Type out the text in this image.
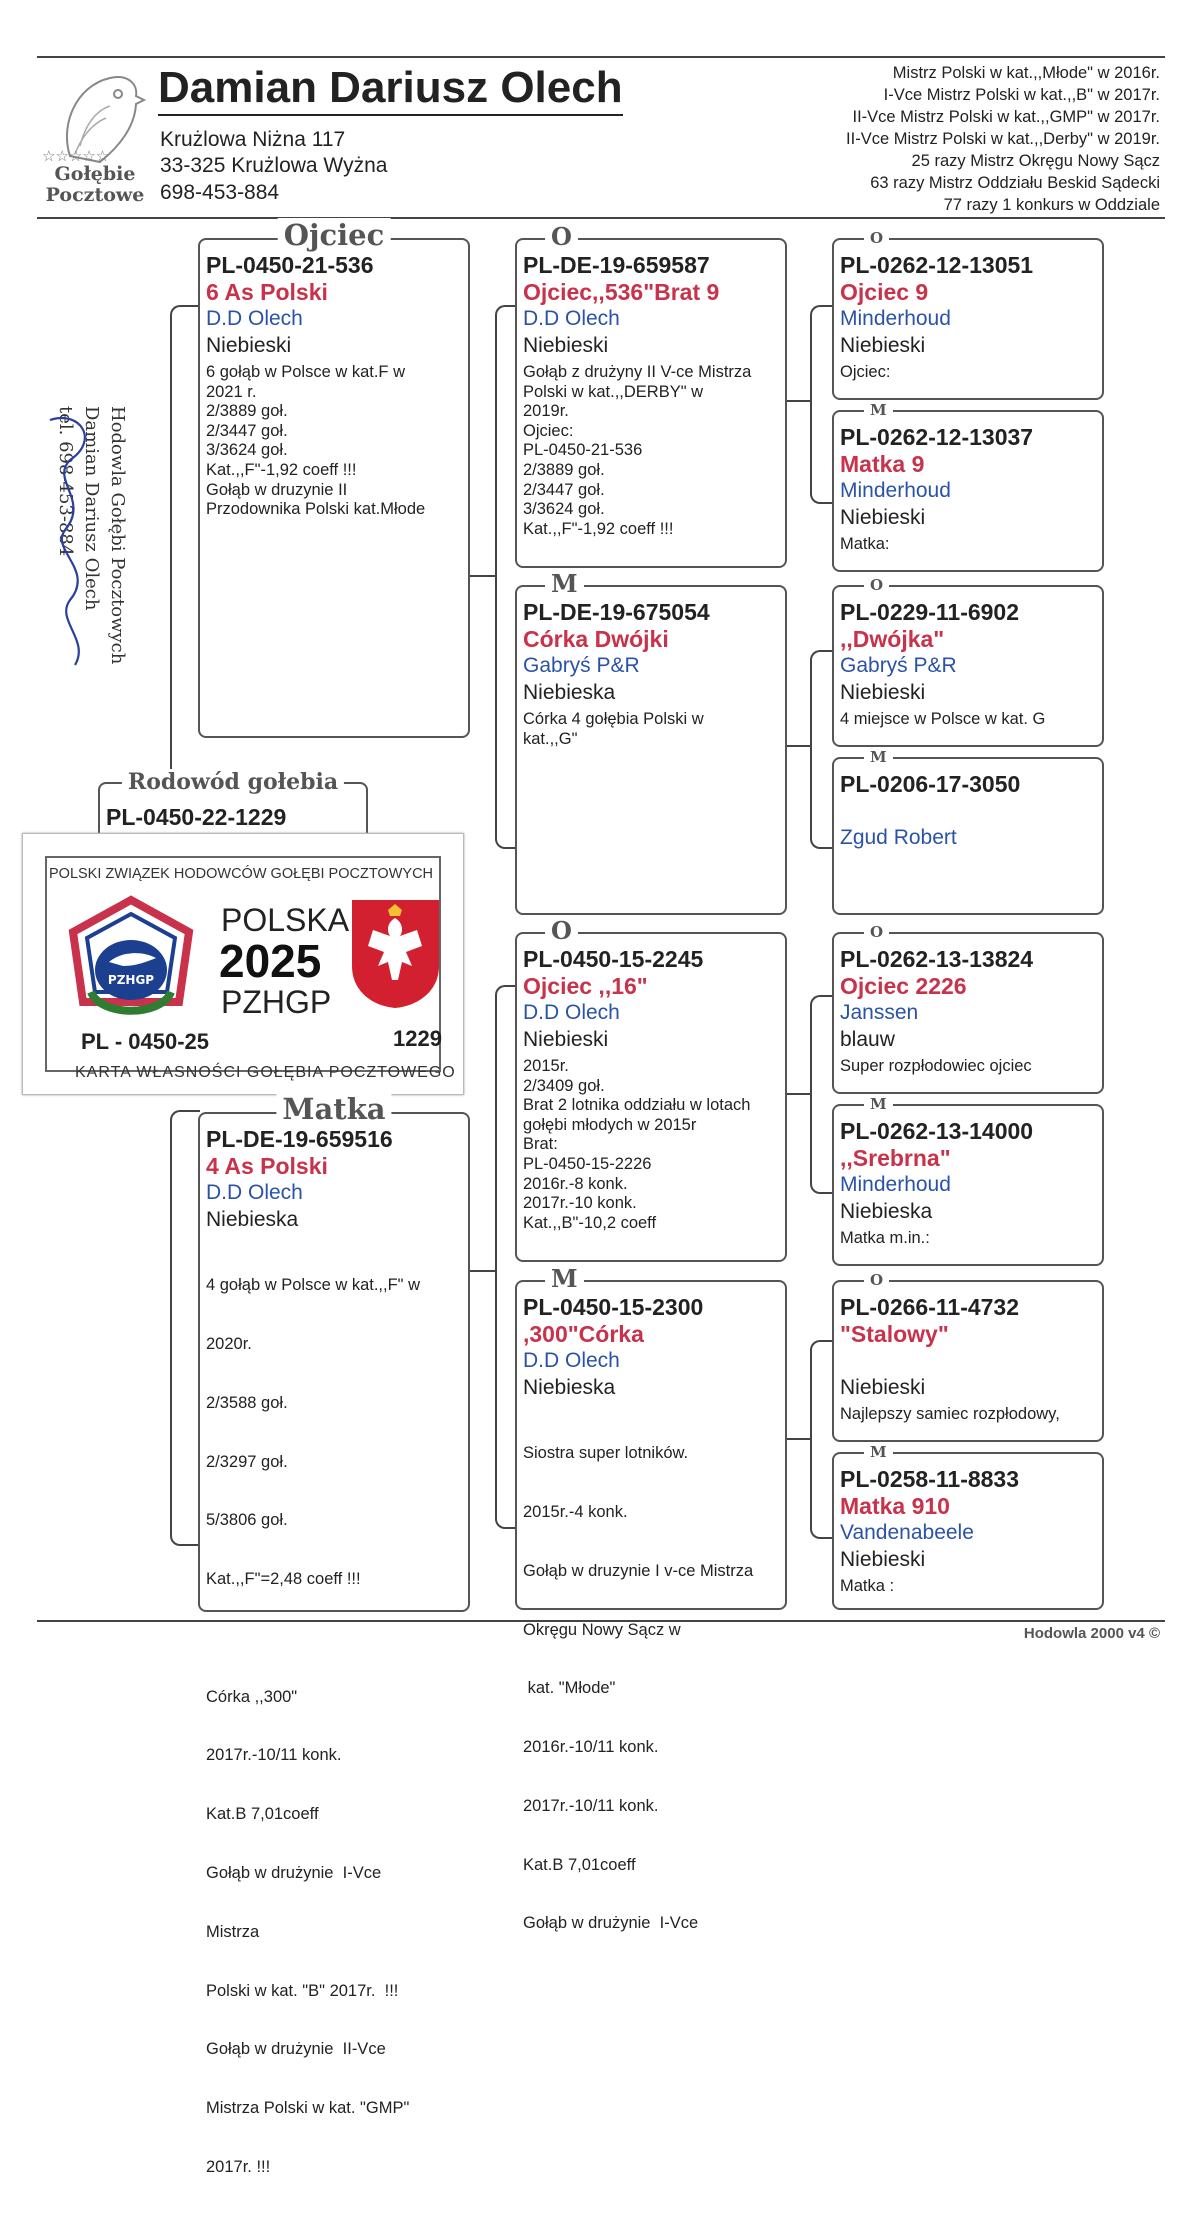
☆☆☆☆☆
Gołębie
Pocztowe
Damian Dariusz Olech
Krużlowa Niżna 117
33-325 Krużlowa Wyżna
698-453-884
Mistrz Polski w kat.,,Młode" w 2016r.
I-Vce Mistrz Polski w kat.,,B" w 2017r.
II-Vce Mistrz Polski w kat.,,GMP" w 2017r.
II-Vce Mistrz Polski w kat.,,Derby" w 2019r.
25 razy Mistrz Okręgu Nowy Sącz
63 razy Mistrz Oddziału Beskid Sądecki
77 razy 1 konkurs w Oddziale
Hodowla Gołębi Pocztowych
Damian Dariusz Olech
tel. 698-453-884
Rodowód gołebia
PL-0450-22-1229
POLSKI ZWIĄZEK HODOWCÓW GOŁĘBI POCZTOWYCH
PZHGP
POLSKA
2025
PZHGP
PL - 0450-25	1229
KARTA WŁASNOŚCI GOŁĘBIA POCZTOWEGO
Ojciec
PL-0450-21-536
6 As Polski
D.D Olech
Niebieski
6 gołąb w Polsce w kat.F w
2021 r.
2/3889 goł.
2/3447 goł.
3/3624 goł.
Kat.,,F"-1,92 coeff !!!
Gołąb w druzynie II
Przodownika Polski kat.Młode
Matka
PL-DE-19-659516
4 As Polski
D.D Olech
Niebieska

4 gołąb w Polsce w kat.,,F" w

2020r.

2/3588 goł.

2/3297 goł.

5/3806 goł.

Kat.,,F"=2,48 coeff !!!

Córka ,,300"

2017r.-10/11 konk.

Kat.B 7,01coeff

Gołąb w drużynie  I-Vce

Mistrza

Polski w kat. "B" 2017r.  !!!

Gołąb w drużynie  II-Vce

Mistrza Polski w kat. "GMP"

2017r. !!!

O
PL-DE-19-659587
Ojciec,,536"Brat 9
D.D Olech
Niebieski
Gołąb z drużyny II V-ce Mistrza
Polski w kat.,,DERBY" w
2019r.
Ojciec:
PL-0450-21-536
2/3889 goł.
2/3447 goł.
3/3624 goł.
Kat.,,F"-1,92 coeff !!!
M
PL-DE-19-675054
Córka Dwójki
Gabryś P&R
Niebieska
Córka 4 gołębia Polski w
kat.,,G"
O
PL-0450-15-2245
Ojciec ,,16"
D.D Olech
Niebieski
2015r.
2/3409 goł.
Brat 2 lotnika oddziału w lotach
gołębi młodych w 2015r
Brat:
PL-0450-15-2226
2016r.-8 konk.
2017r.-10 konk.
Kat.,,B"-10,2 coeff
M
PL-0450-15-2300
,300"Córka
D.D Olech
Niebieska

Siostra super lotników.

2015r.-4 konk.

Gołąb w druzynie I v-ce Mistrza

Okręgu Nowy Sącz w

kat. "Młode"

2016r.-10/11 konk.

2017r.-10/11 konk.

Kat.B 7,01coeff

Gołąb w drużynie  I-Vce

O
PL-0262-12-13051
Ojciec 9
Minderhoud
Niebieski
Ojciec:
M
PL-0262-12-13037
Matka 9
Minderhoud
Niebieski
Matka:
O
PL-0229-11-6902
,,Dwójka"
Gabryś P&R
Niebieski
4 miejsce w Polsce w kat. G
M
PL-0206-17-3050
Zgud Robert
O
PL-0262-13-13824
Ojciec 2226
Janssen
blauw
Super rozpłodowiec ojciec
M
PL-0262-13-14000
,,Srebrna"
Minderhoud
Niebieska
Matka m.in.:
O
PL-0266-11-4732
"Stalowy"
Niebieski
Najlepszy samiec rozpłodowy,
M
PL-0258-11-8833
Matka 910
Vandenabeele
Niebieski
Matka :
Hodowla 2000 v4 ©
